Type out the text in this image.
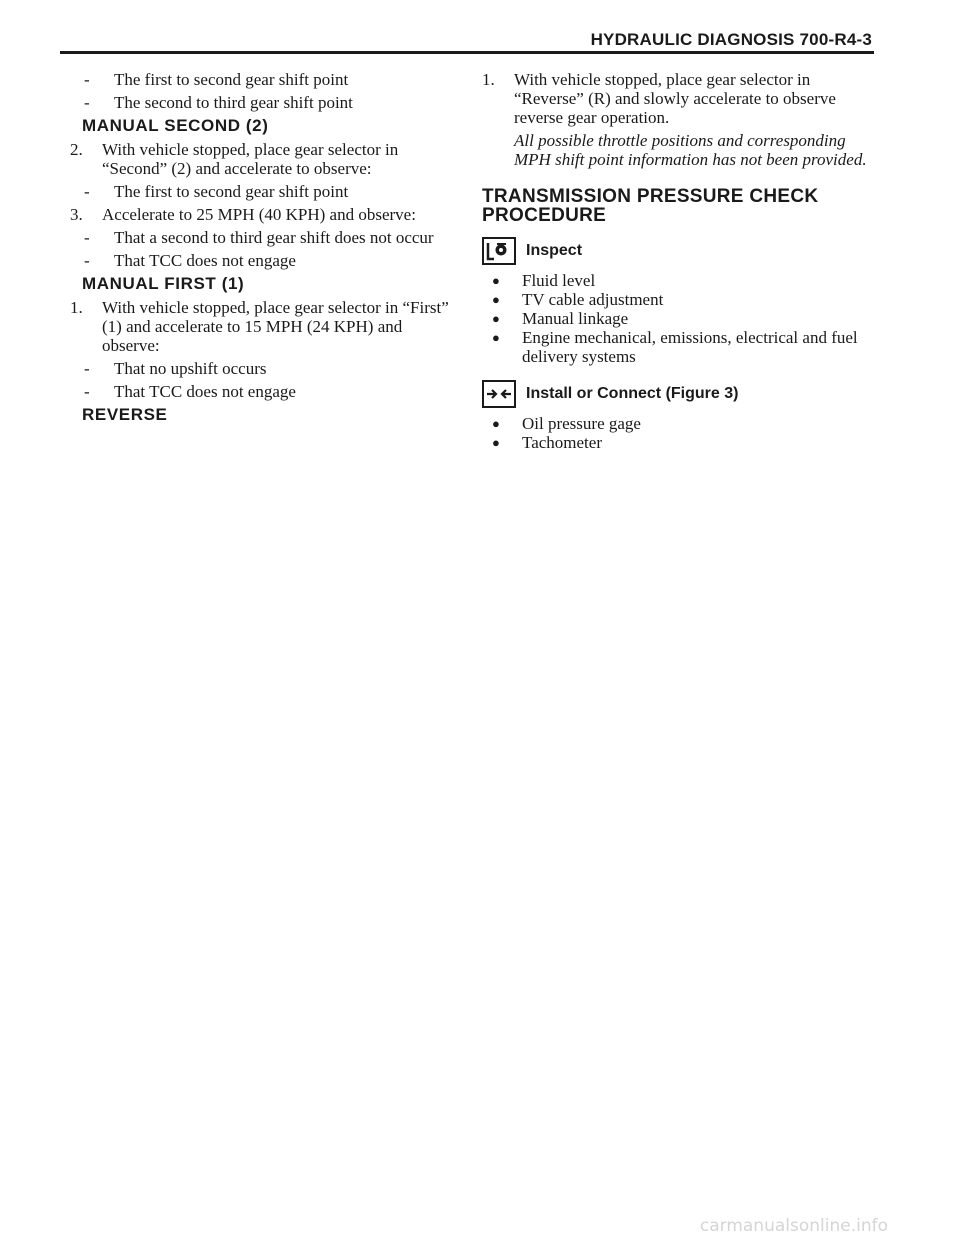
HYDRAULIC DIAGNOSIS 700-R4-3
- The first to second gear shift point
- The second to third gear shift point
MANUAL SECOND (2)
2. With vehicle stopped, place gear selector in “Second” (2) and accelerate to observe:
- The first to second gear shift point
3. Accelerate to 25 MPH (40 KPH) and observe:
- That a second to third gear shift does not occur
- That TCC does not engage
MANUAL FIRST (1)
1. With vehicle stopped, place gear selector in “First” (1) and accelerate to 15 MPH (24 KPH) and observe:
- That no upshift occurs
- That TCC does not engage
REVERSE
1. With vehicle stopped, place gear selector in “Reverse” (R) and slowly accelerate to observe reverse gear operation.
All possible throttle positions and corresponding MPH shift point information has not been provided.
TRANSMISSION PRESSURE CHECK PROCEDURE
Inspect
● Fluid level
● TV cable adjustment
● Manual linkage
● Engine mechanical, emissions, electrical and fuel delivery systems
Install or Connect (Figure 3)
● Oil pressure gage
● Tachometer
carmanualsonline.info
